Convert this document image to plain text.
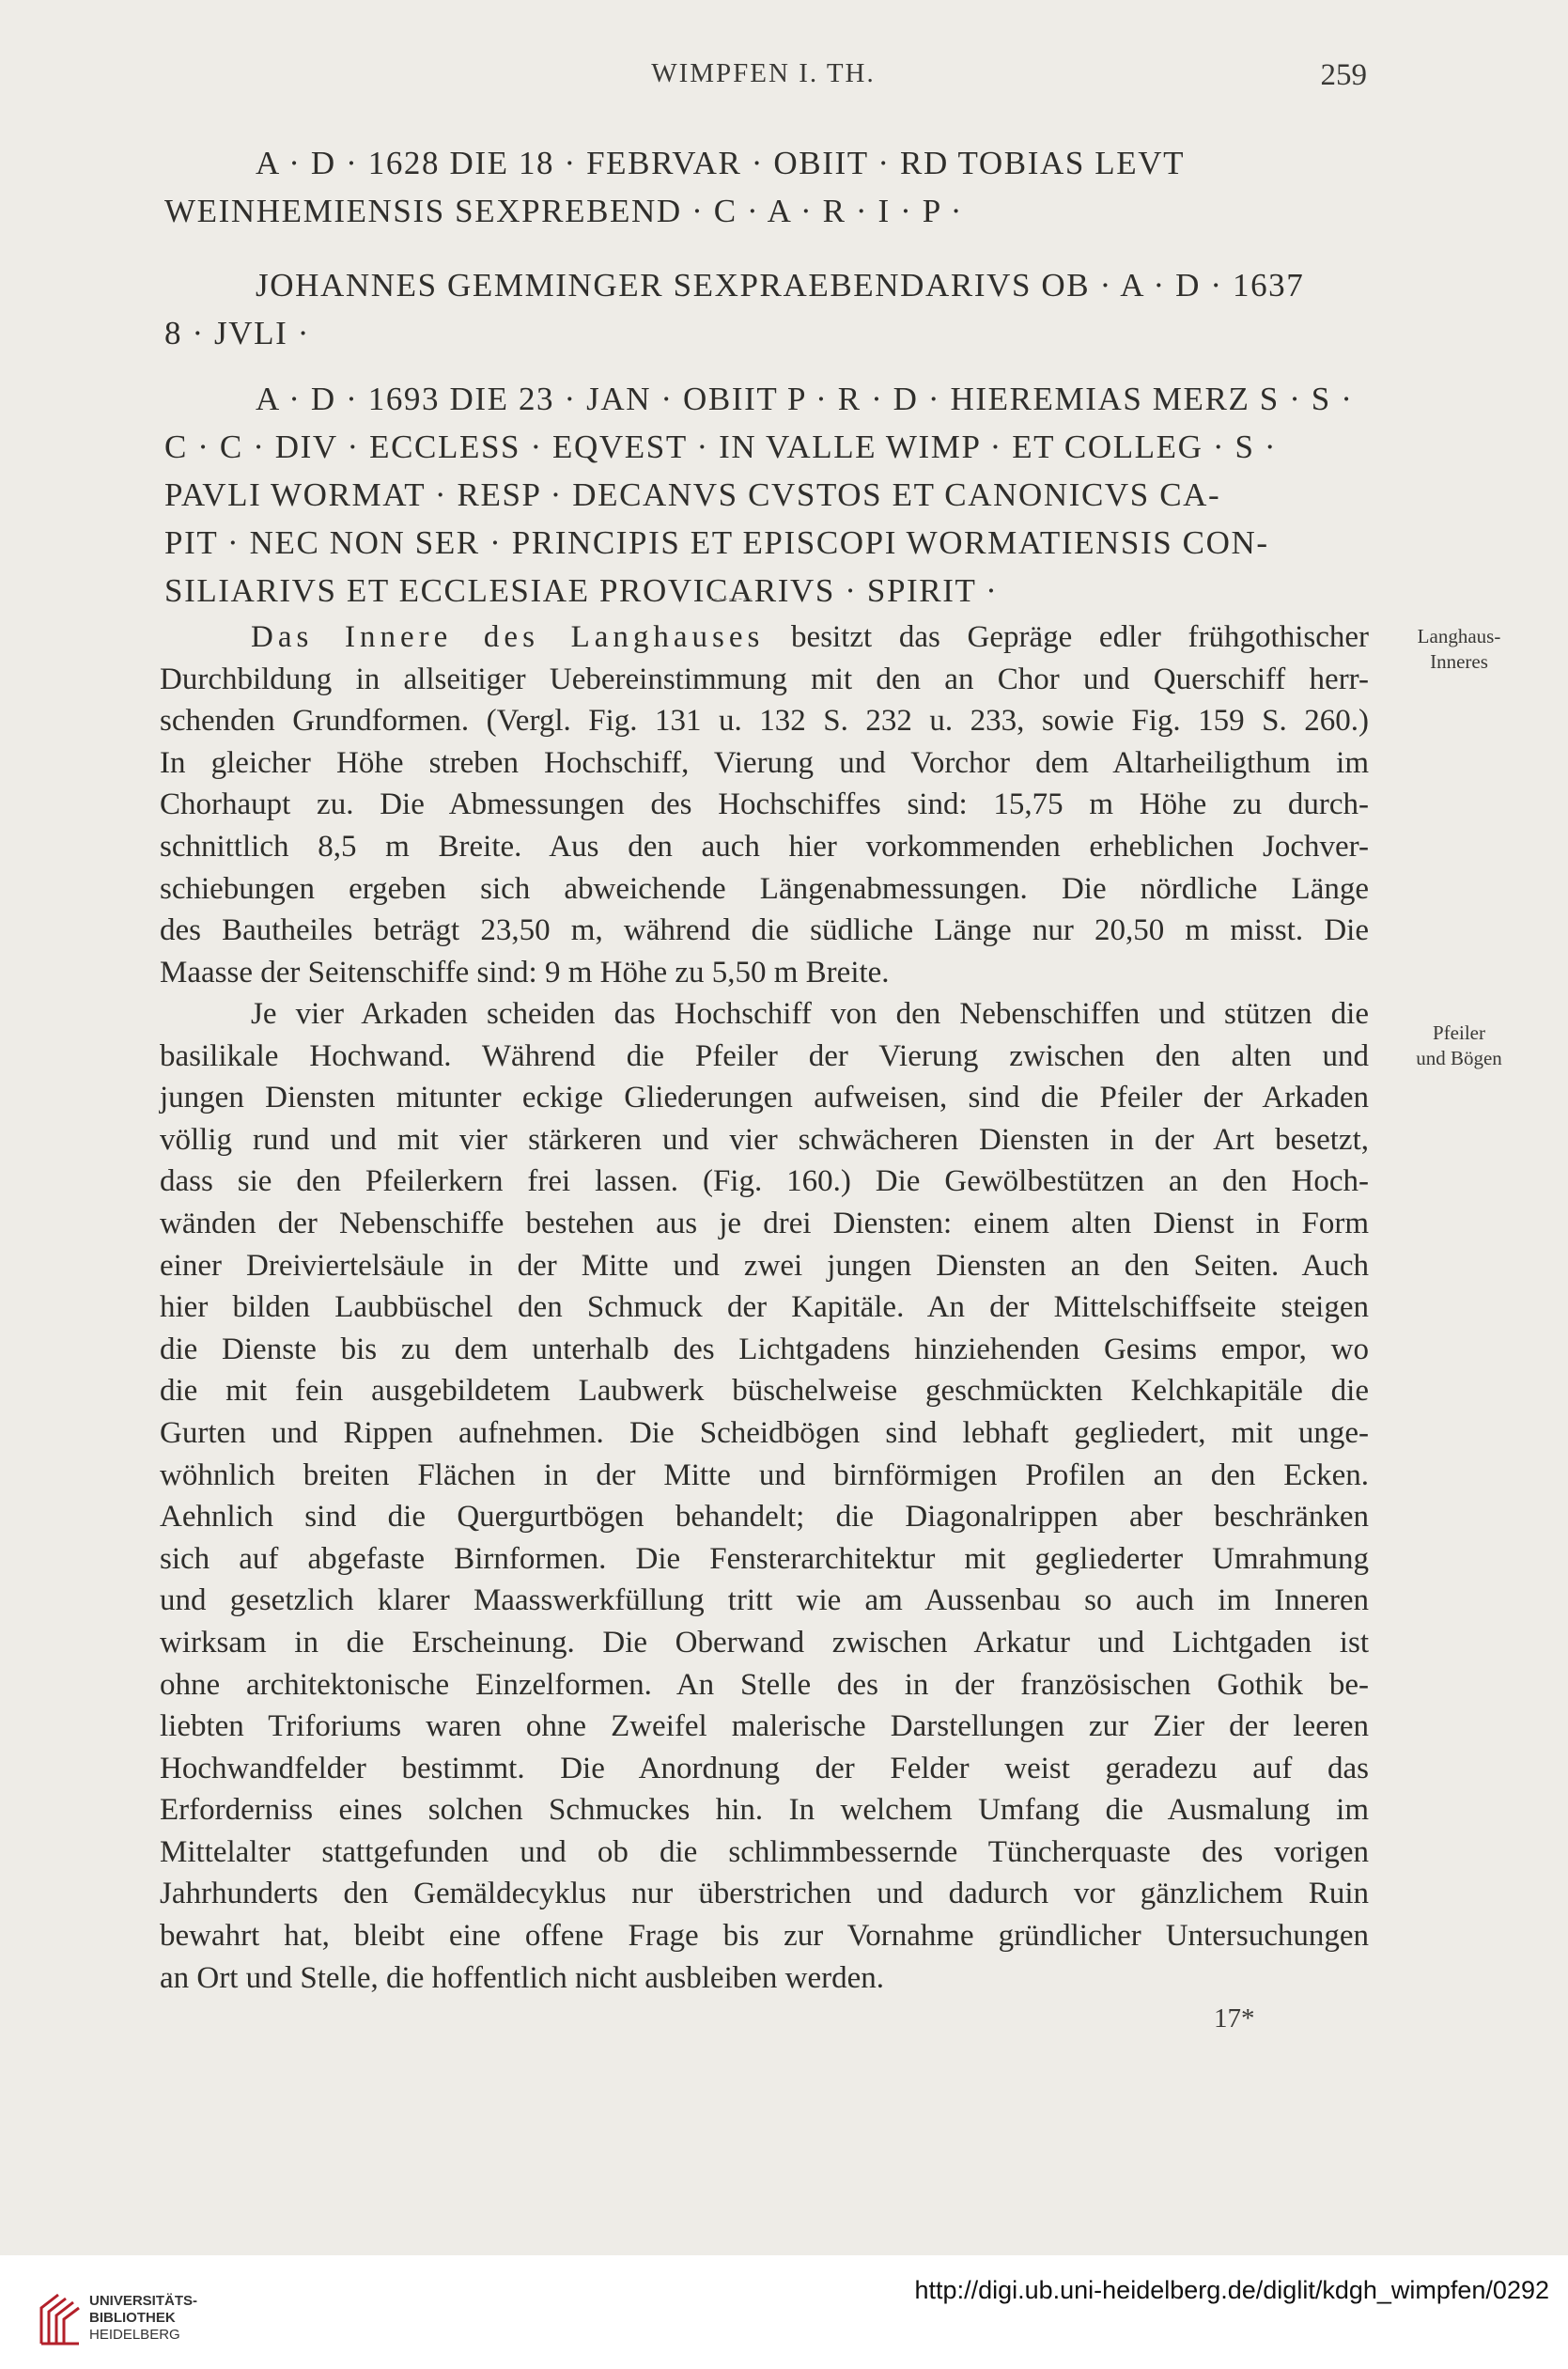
WIMPFEN I. TH.	259
A · D · 1628 DIE 18 · FEBRVAR · OBIIT · RD TOBIAS LEVT
WEINHEMIENSIS SEXPREBEND · C · A · R · I · P ·
JOHANNES GEMMINGER SEXPRAEBENDARIVS OB · A · D · 1637
8 · JVLI ·
A · D · 1693 DIE 23 · JAN · OBIIT P · R · D · HIEREMIAS MERZ S · S ·
C · C · DIV · ECCLESS · EQVEST · IN VALLE WIMP · ET COLLEG · S ·
PAVLI WORMAT · RESP · DECANVS CVSTOS ET CANONICVS CA-
PIT · NEC NON SER · PRINCIPIS ET EPISCOPI WORMATIENSIS CON-
SILIARIVS ET ECCLESIAE PROVICARIVS · SPIRIT ·
Das Innere des Langhauses besitzt das Gepräge edler frühgothischer
Durchbildung in allseitiger Uebereinstimmung mit den an Chor und Querschiff herr-
schenden Grundformen. (Vergl. Fig. 131 u. 132 S. 232 u. 233, sowie Fig. 159 S. 260.)
In gleicher Höhe streben Hochschiff, Vierung und Vorchor dem Altarheiligthum im
Chorhaupt zu. Die Abmessungen des Hochschiffes sind: 15,75 m Höhe zu durch-
schnittlich 8,5 m Breite. Aus den auch hier vorkommenden erheblichen Jochver-
schiebungen ergeben sich abweichende Längenabmessungen. Die nördliche Länge
des Bautheiles beträgt 23,50 m, während die südliche Länge nur 20,50 m misst. Die
Maasse der Seitenschiffe sind: 9 m Höhe zu 5,50 m Breite.
Je vier Arkaden scheiden das Hochschiff von den Nebenschiffen und stützen die
basilikale Hochwand. Während die Pfeiler der Vierung zwischen den alten und
jungen Diensten mitunter eckige Gliederungen aufweisen, sind die Pfeiler der Arkaden
völlig rund und mit vier stärkeren und vier schwächeren Diensten in der Art besetzt,
dass sie den Pfeilerkern frei lassen. (Fig. 160.) Die Gewölbestützen an den Hoch-
wänden der Nebenschiffe bestehen aus je drei Diensten: einem alten Dienst in Form
einer Dreiviertelsäule in der Mitte und zwei jungen Diensten an den Seiten. Auch
hier bilden Laubbüschel den Schmuck der Kapitäle. An der Mittelschiffseite steigen
die Dienste bis zu dem unterhalb des Lichtgadens hinziehenden Gesims empor, wo
die mit fein ausgebildetem Laubwerk büschelweise geschmückten Kelchkapitäle die
Gurten und Rippen aufnehmen. Die Scheidbögen sind lebhaft gegliedert, mit unge-
wöhnlich breiten Flächen in der Mitte und birnförmigen Profilen an den Ecken.
Aehnlich sind die Quergurtbögen behandelt; die Diagonalrippen aber beschränken
sich auf abgefaste Birnformen. Die Fensterarchitektur mit gegliederter Umrahmung
und gesetzlich klarer Maasswerkfüllung tritt wie am Aussenbau so auch im Inneren
wirksam in die Erscheinung. Die Oberwand zwischen Arkatur und Lichtgaden ist
ohne architektonische Einzelformen. An Stelle des in der französischen Gothik be-
liebten Triforiums waren ohne Zweifel malerische Darstellungen zur Zier der leeren
Hochwandfelder bestimmt. Die Anordnung der Felder weist geradezu auf das
Erforderniss eines solchen Schmuckes hin. In welchem Umfang die Ausmalung im
Mittelalter stattgefunden und ob die schlimmbessernde Tüncherquaste des vorigen
Jahrhunderts den Gemäldecyklus nur überstrichen und dadurch vor gänzlichem Ruin
bewahrt hat, bleibt eine offene Frage bis zur Vornahme gründlicher Untersuchungen
an Ort und Stelle, die hoffentlich nicht ausbleiben werden.
Langhaus-
Inneres
Pfeiler
und Bögen
17*
UNIVERSITÄTS-
BIBLIOTHEK
HEIDELBERG
http://digi.ub.uni-heidelberg.de/diglit/kdgh_wimpfen/0292
